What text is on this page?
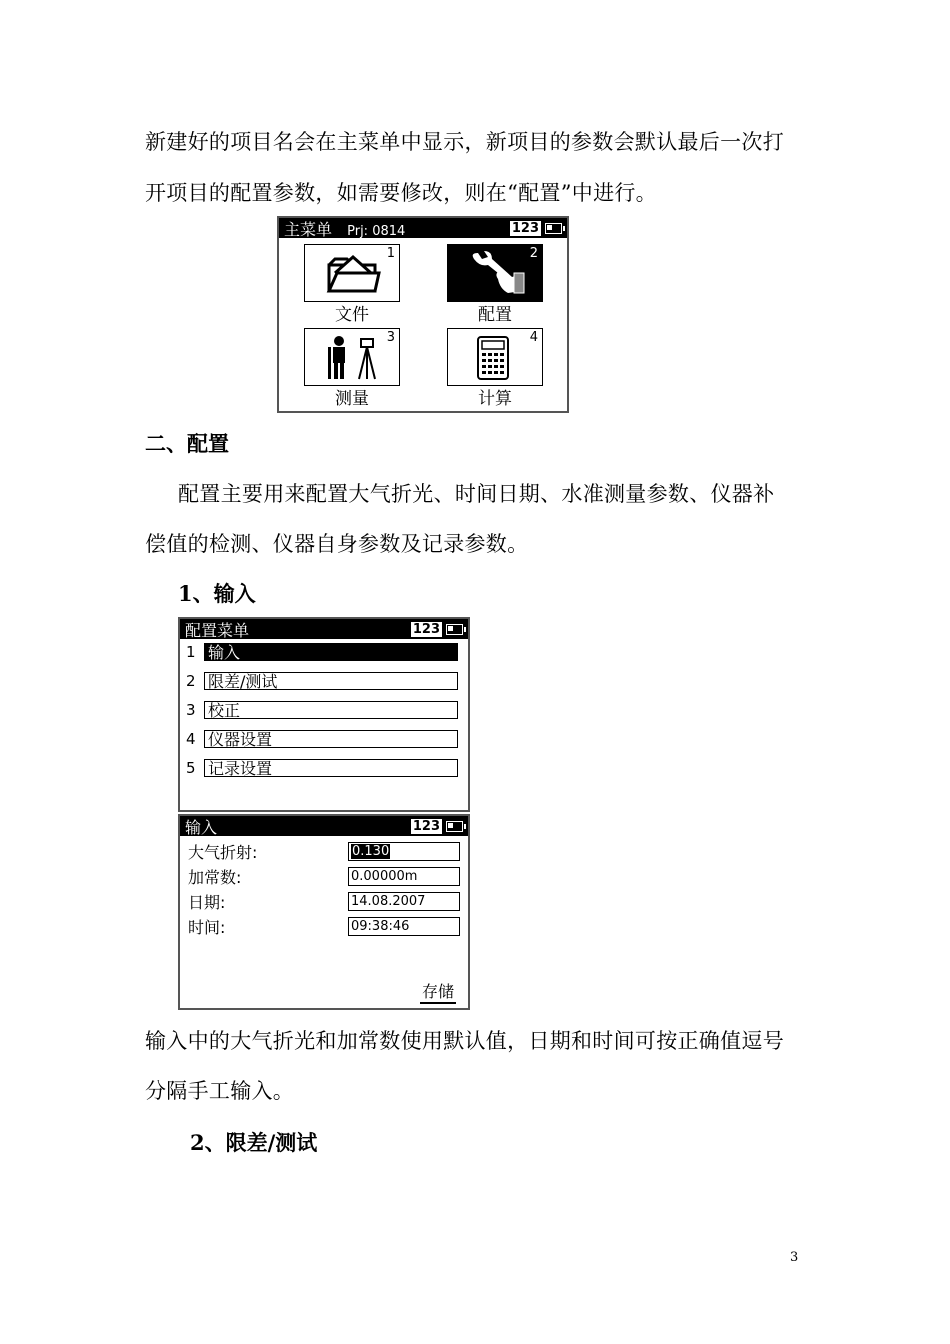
新建好的项目名会在主菜单中显示，新项目的参数会默认最后一次打
开项目的配置参数，如需要修改，则在“配置”中进行。
主菜单 Prj: 0814	123
1
文件
2
配置
3
测量
4
计算
二、配置
配置主要用来配置大气折光、时间日期、水准测量参数、仪器补
偿值的检测、仪器自身参数及记录参数。
1、输入
配置菜单	123
1 输入
2 限差/测试
3 校正
4 仪器设置
5 记录设置
输入	123
大气折射:	0.130
加常数:	0.00000m
日期:	14.08.2007
时间:	09:38:46
存储
输入中的大气折光和加常数使用默认值，日期和时间可按正确值逗号
分隔手工输入。
2、限差/测试
3
